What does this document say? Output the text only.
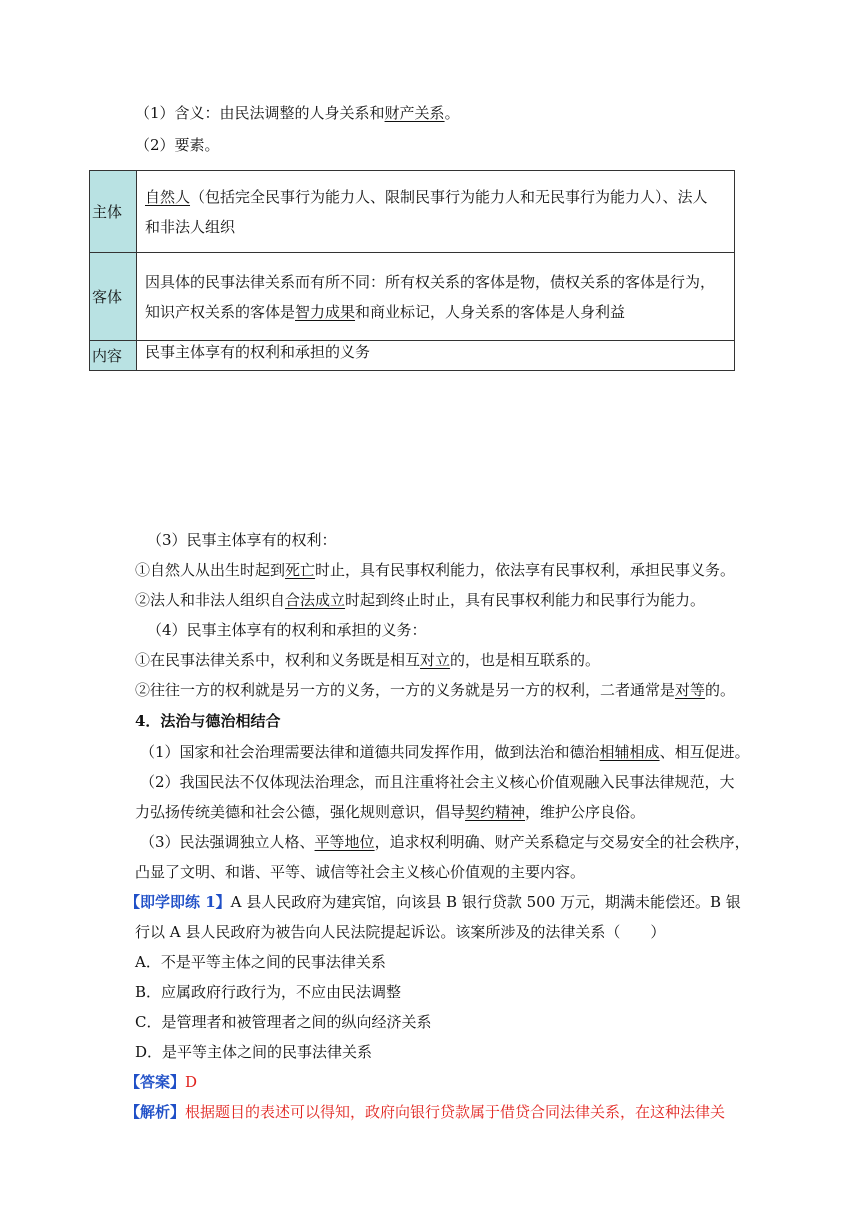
（1）含义：由民法调整的人身关系和财产关系。
（2）要素。
主体	自然人（包括完全民事行为能力人、限制民事行为能力人和无民事行为能力人）、法人
和非法人组织
客体	因具体的民事法律关系而有所不同：所有权关系的客体是物，债权关系的客体是行为，
知识产权关系的客体是智力成果和商业标记，人身关系的客体是人身利益
内容	民事主体享有的权利和承担的义务
（3）民事主体享有的权利：
①自然人从出生时起到死亡时止，具有民事权利能力，依法享有民事权利，承担民事义务。
②法人和非法人组织自合法成立时起到终止时止，具有民事权利能力和民事行为能力。
（4）民事主体享有的权利和承担的义务：
①在民事法律关系中，权利和义务既是相互对立的，也是相互联系的。
②往往一方的权利就是另一方的义务，一方的义务就是另一方的权利，二者通常是对等的。
4．法治与德治相结合
（1）国家和社会治理需要法律和道德共同发挥作用，做到法治和德治相辅相成、相互促进。
（2）我国民法不仅体现法治理念，而且注重将社会主义核心价值观融入民事法律规范，大
力弘扬传统美德和社会公德，强化规则意识，倡导契约精神，维护公序良俗。
（3）民法强调独立人格、平等地位，追求权利明确、财产关系稳定与交易安全的社会秩序，
凸显了文明、和谐、平等、诚信等社会主义核心价值观的主要内容。
【即学即练 1】A 县人民政府为建宾馆，向该县 B 银行贷款 500 万元，期满未能偿还。B 银
行以 A 县人民政府为被告向人民法院提起诉讼。该案所涉及的法律关系（　　）
A．不是平等主体之间的民事法律关系
B．应属政府行政行为，不应由民法调整
C．是管理者和被管理者之间的纵向经济关系
D．是平等主体之间的民事法律关系
【答案】D
【解析】根据题目的表述可以得知，政府向银行贷款属于借贷合同法律关系，在这种法律关
